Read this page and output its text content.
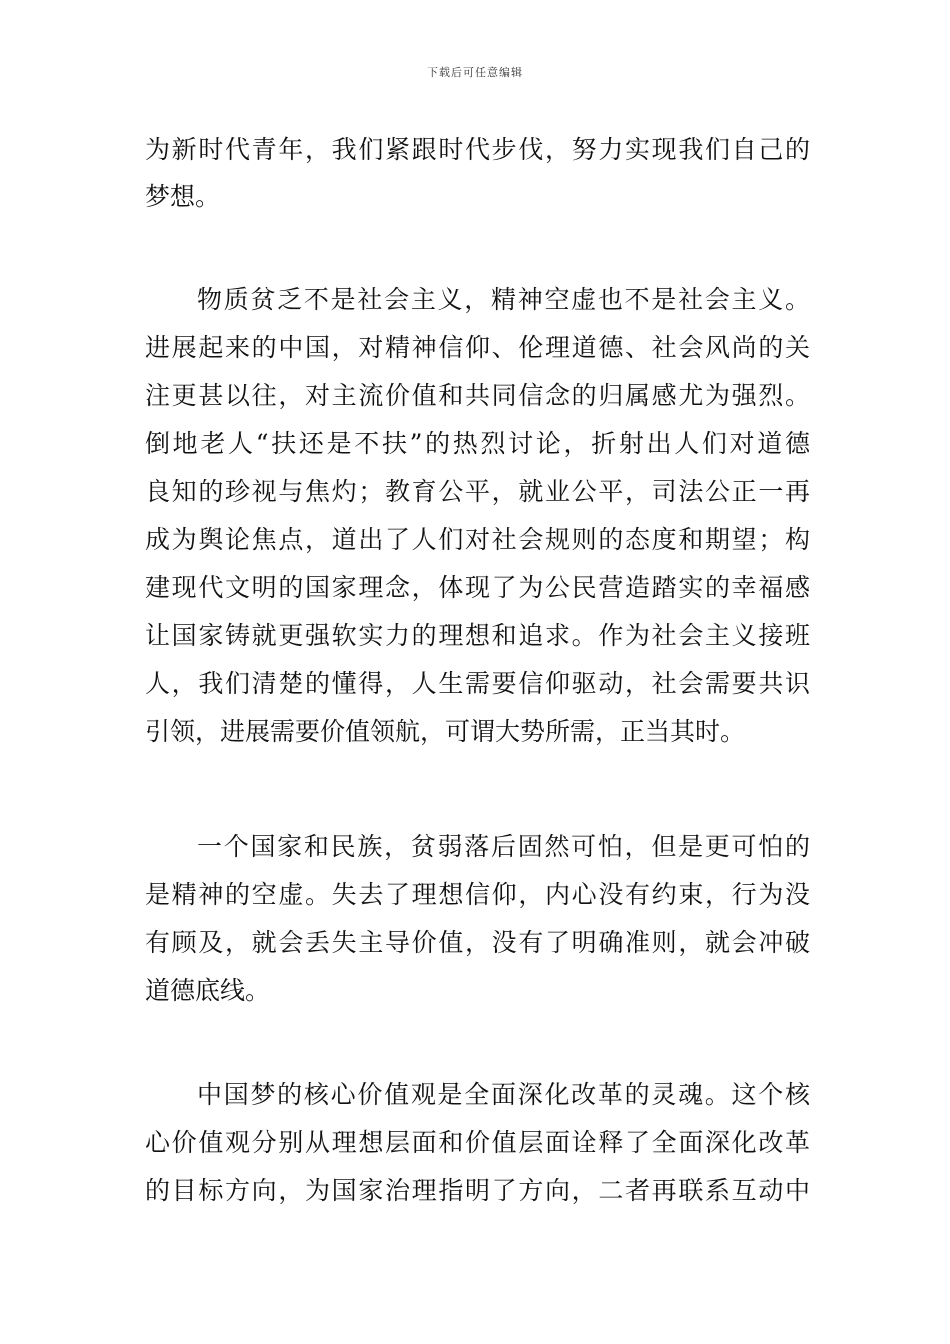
下载后可任意编辑
为新时代青年，我们紧跟时代步伐，努力实现我们自己的
梦想。
物质贫乏不是社会主义，精神空虚也不是社会主义。
进展起来的中国，对精神信仰、伦理道德、社会风尚的关
注更甚以往，对主流价值和共同信念的归属感尤为强烈。
倒地老人“扶还是不扶”的热烈讨论，折射出人们对道德
良知的珍视与焦灼；教育公平，就业公平，司法公正一再
成为舆论焦点，道出了人们对社会规则的态度和期望；构
建现代文明的国家理念，体现了为公民营造踏实的幸福感
让国家铸就更强软实力的理想和追求。作为社会主义接班
人，我们清楚的懂得，人生需要信仰驱动，社会需要共识
引领，进展需要价值领航，可谓大势所需，正当其时。
一个国家和民族，贫弱落后固然可怕，但是更可怕的
是精神的空虚。失去了理想信仰，内心没有约束，行为没
有顾及，就会丢失主导价值，没有了明确准则，就会冲破
道德底线。
中国梦的核心价值观是全面深化改革的灵魂。这个核
心价值观分别从理想层面和价值层面诠释了全面深化改革
的目标方向，为国家治理指明了方向，二者再联系互动中
